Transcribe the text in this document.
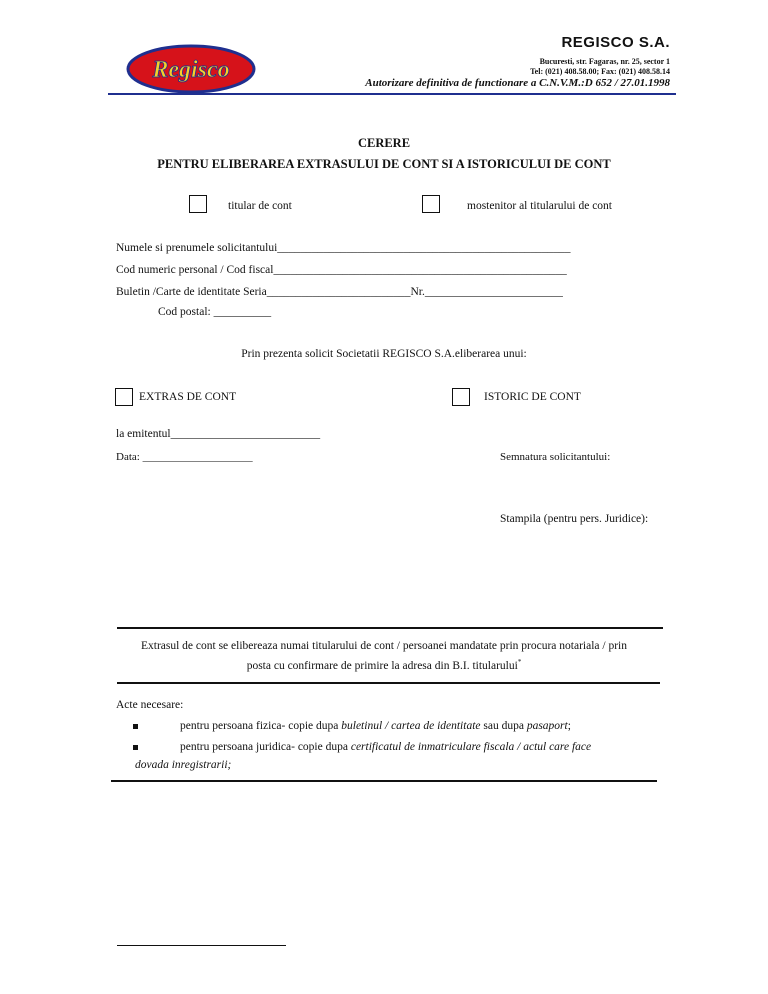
Regisco
REGISCO S.A.
Bucuresti, str. Fagaras, nr. 25, sector 1
Tel: (021) 408.58.00; Fax: (021) 408.58.14
Autorizare definitiva de functionare a C.N.V.M.:D 652 / 27.01.1998
CERERE
PENTRU ELIBERAREA EXTRASULUI DE CONT SI A ISTORICULUI DE CONT
titular de cont	mostenitor al titularului de cont
Numele si prenumele solicitantului___________________________________________________
Cod numeric personal / Cod fiscal___________________________________________________
Buletin /Carte de identitate Seria_________________________Nr.________________________
Cod postal: __________
Prin prezenta solicit Societatii REGISCO S.A.eliberarea unui:
EXTRAS DE CONT	ISTORIC DE CONT
la emitentul__________________________
Data: ____________________	Semnatura solicitantului:
Stampila (pentru pers. Juridice):
Extrasul de cont se elibereaza numai titularului de cont / persoanei mandatate prin procura notariala / prin
posta cu confirmare de primire la adresa din B.I. titularului*
Acte necesare:
pentru persoana fizica- copie dupa buletinul / cartea de identitate sau dupa pasaport;
pentru persoana juridica- copie dupa certificatul de inmatriculare fiscala / actul care face
dovada inregistrarii;
